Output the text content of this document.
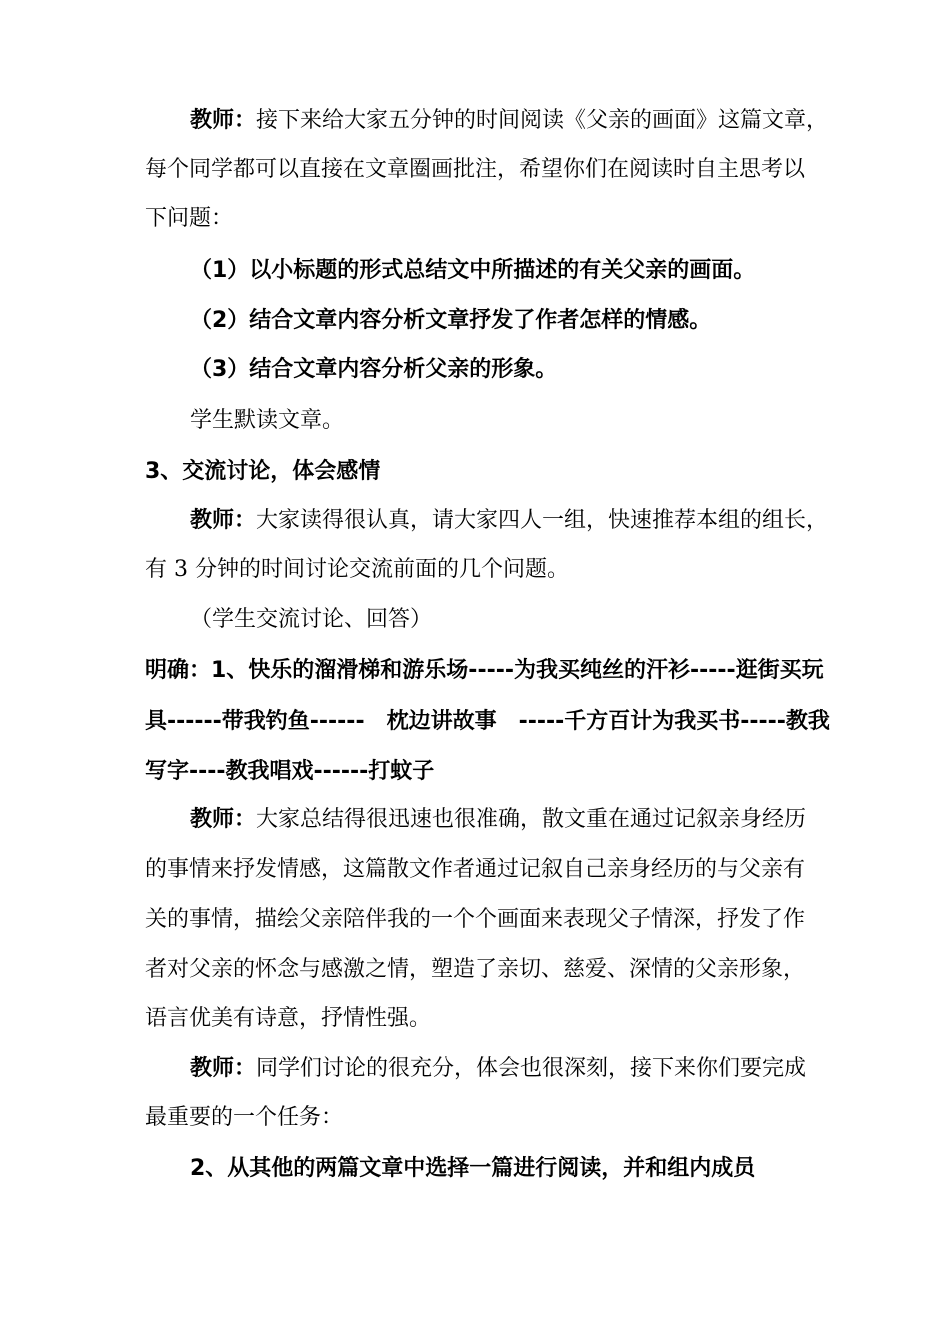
教师：接下来给大家五分钟的时间阅读《父亲的画面》这篇文章，
每个同学都可以直接在文章圈画批注，希望你们在阅读时自主思考以
下问题：
（1）以小标题的形式总结文中所描述的有关父亲的画面。
（2）结合文章内容分析文章抒发了作者怎样的情感。
（3）结合文章内容分析父亲的形象。
学生默读文章。
3、交流讨论，体会感情
教师：大家读得很认真，请大家四人一组，快速推荐本组的组长，
有 3 分钟的时间讨论交流前面的几个问题。
（学生交流讨论、回答）
明确：1、快乐的溜滑梯和游乐场-----为我买纯丝的汗衫-----逛街买玩
具------带我钓鱼------　枕边讲故事　-----千方百计为我买书-----教我
写字----教我唱戏------打蚊子
教师：大家总结得很迅速也很准确，散文重在通过记叙亲身经历
的事情来抒发情感，这篇散文作者通过记叙自己亲身经历的与父亲有
关的事情，描绘父亲陪伴我的一个个画面来表现父子情深，抒发了作
者对父亲的怀念与感激之情，塑造了亲切、慈爱、深情的父亲形象，
语言优美有诗意，抒情性强。
教师：同学们讨论的很充分，体会也很深刻，接下来你们要完成
最重要的一个任务：
2、从其他的两篇文章中选择一篇进行阅读，并和组内成员
